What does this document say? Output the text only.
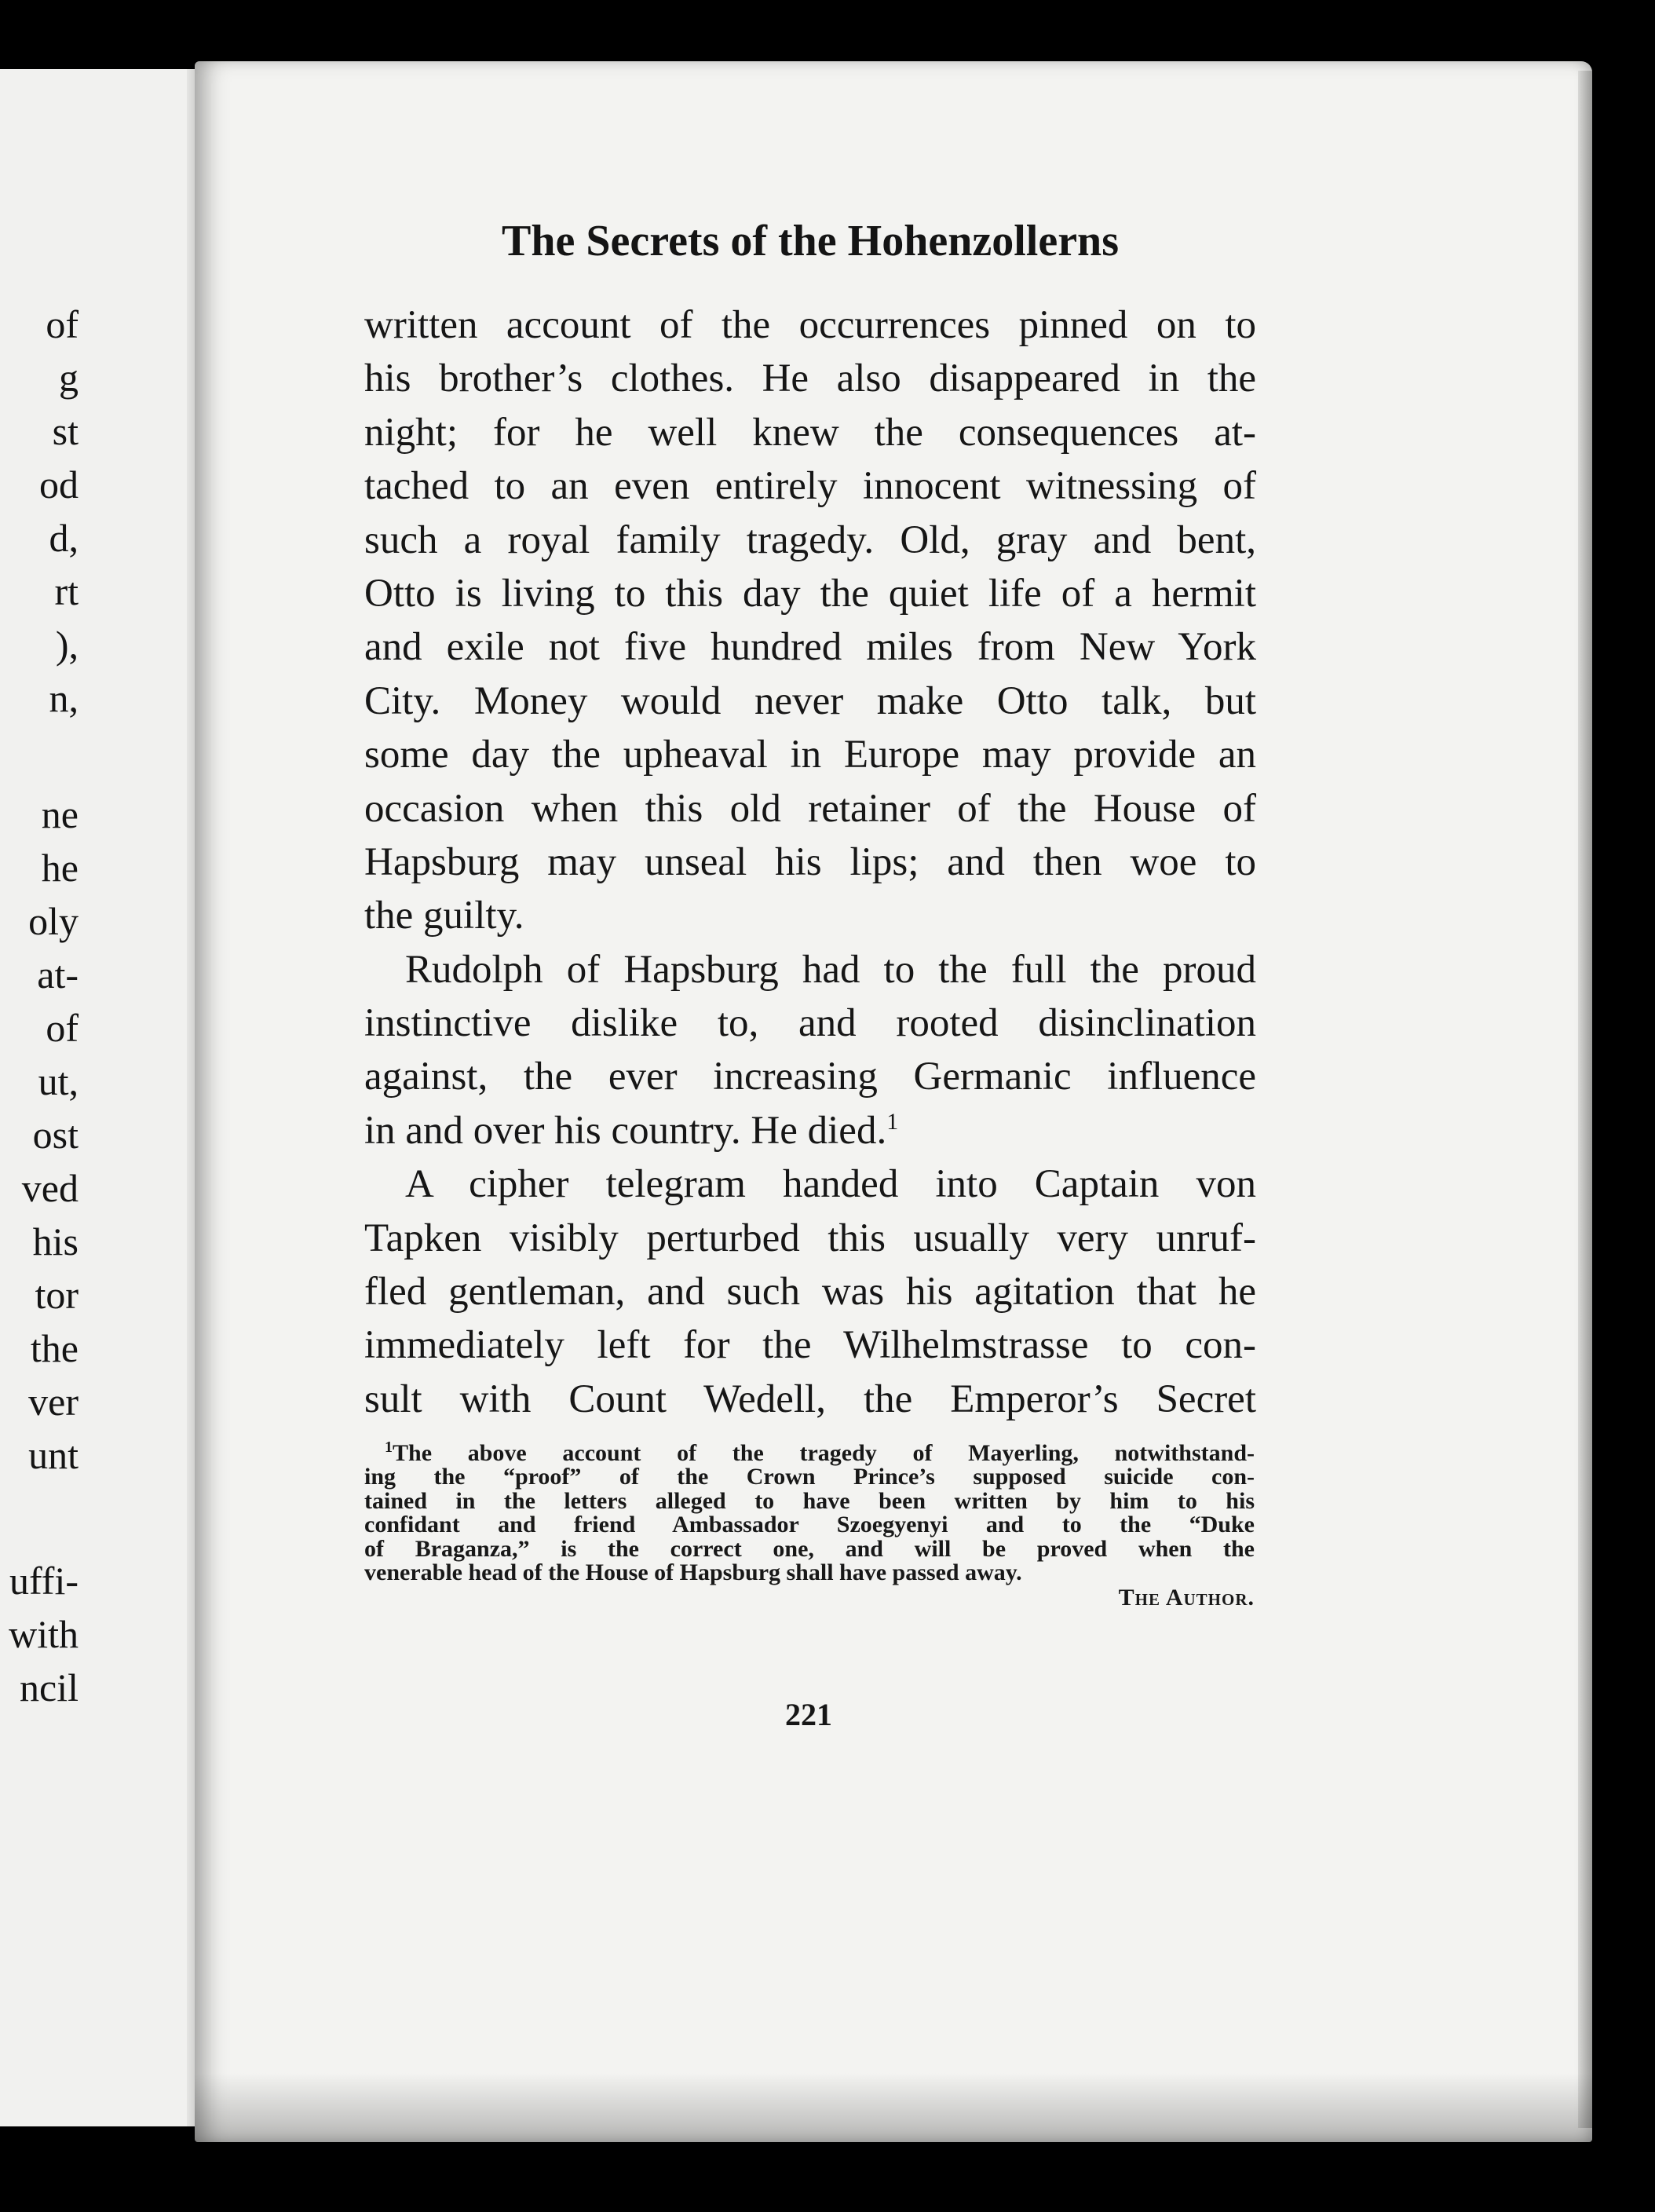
of
g
st
od
d,
rt
),
n,
ne
he
oly
at-
of
ut,
ost
ved
his
tor
the
ver
unt
uffi-
with
ncil
The Secrets of the Hohenzollerns
written account of the occurrences pinned on to
his brother’s clothes. He also disappeared in the
night; for he well knew the consequences at-
tached to an even entirely innocent witnessing of
such a royal family tragedy. Old, gray and bent,
Otto is living to this day the quiet life of a hermit
and exile not five hundred miles from New York
City. Money would never make Otto talk, but
some day the upheaval in Europe may provide an
occasion when this old retainer of the House of
Hapsburg may unseal his lips; and then woe to
the guilty.
Rudolph of Hapsburg had to the full the proud
instinctive dislike to, and rooted disinclination
against, the ever increasing Germanic influence
in and over his country. He died.$^1$
A cipher telegram handed into Captain von
Tapken visibly perturbed this usually very unruf-
fled gentleman, and such was his agitation that he
immediately left for the Wilhelmstrasse to con-
sult with Count Wedell, the Emperor’s Secret
$^1$The above account of the tragedy of Mayerling, notwithstand-
ing the “proof” of the Crown Prince’s supposed suicide con-
tained in the letters alleged to have been written by him to his
confidant and friend Ambassador Szoegyenyi and to the “Duke
of Braganza,” is the correct one, and will be proved when the
venerable head of the House of Hapsburg shall have passed away.
The Author.
221
